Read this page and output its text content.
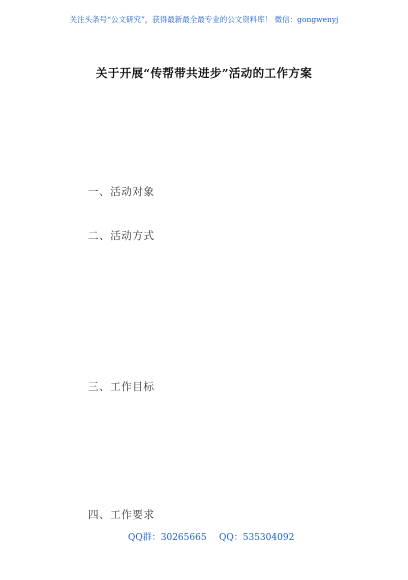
关注头条号“公文研究”，获得最新最全最专业的公文资料库！ 微信：gongwenyj
关于开展“传帮带共进步”活动的工作方案
一、活动对象
二、活动方式
三、工作目标
四、工作要求
QQ群：30265665 QQ：535304092
